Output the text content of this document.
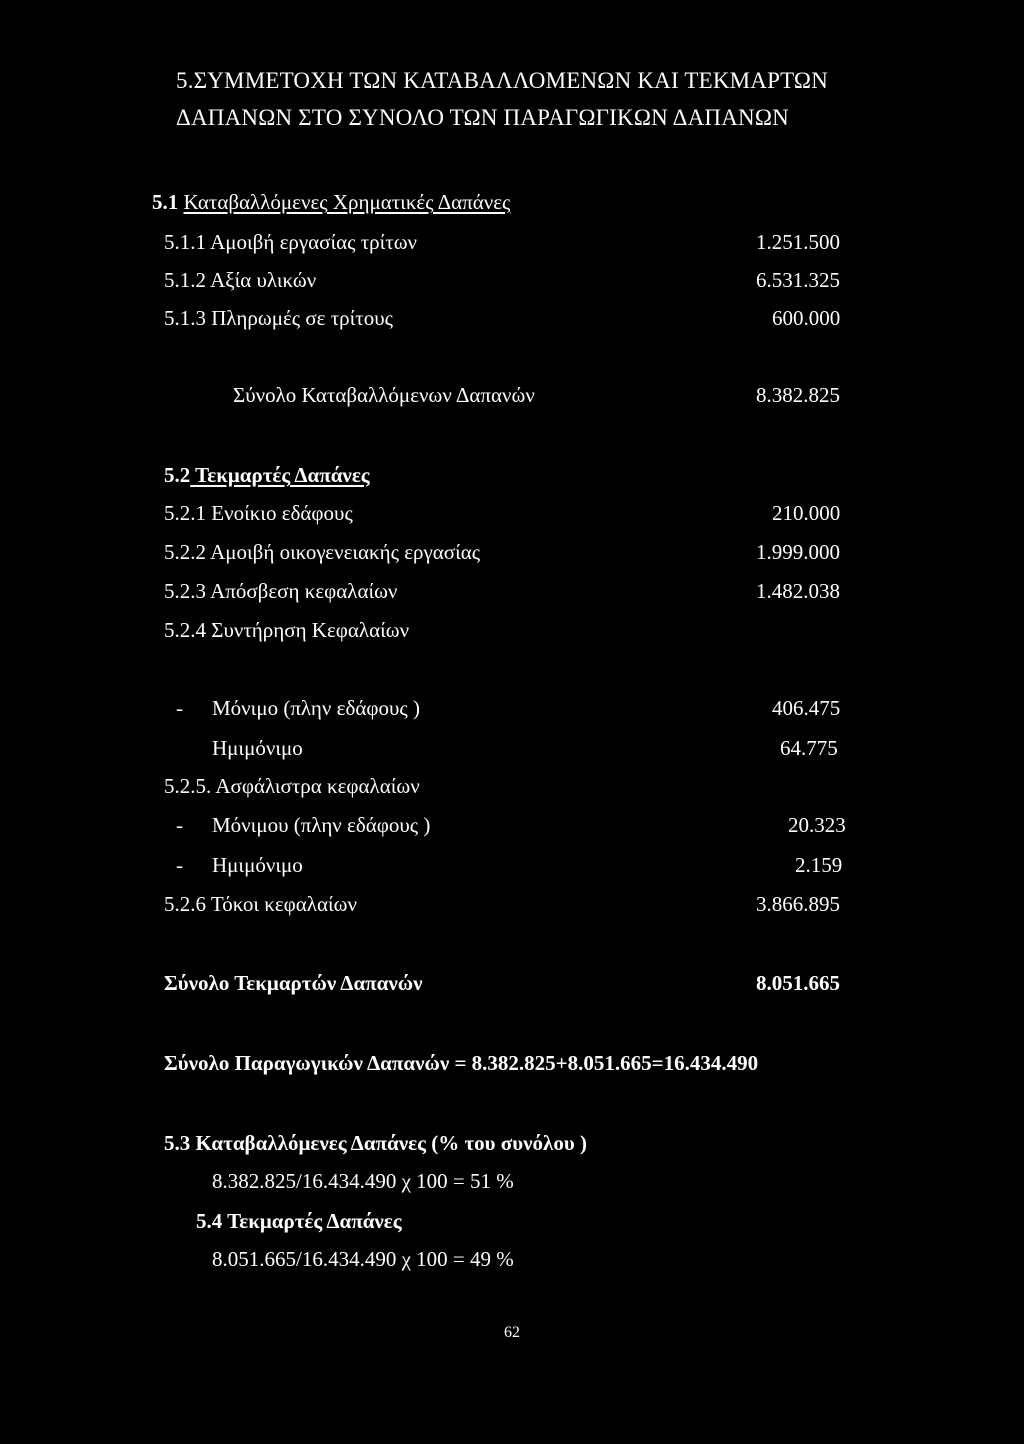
5.ΣΥΜΜΕΤΟΧΗ ΤΩΝ ΚΑΤΑΒΑΛΛΟΜΕΝΩΝ ΚΑΙ ΤΕΚΜΑΡΤΩΝ
ΔΑΠΑΝΩΝ ΣΤΟ ΣΥΝΟΛΟ ΤΩΝ ΠΑΡΑΓΩΓΙΚΩΝ ΔΑΠΑΝΩΝ
5.1 Καταβαλλόμενες Χρηματικές Δαπάνες
5.1.1 Αμοιβή εργασίας τρίτων	1.251.500
5.1.2 Αξία υλικών	6.531.325
5.1.3 Πληρωμές σε τρίτους	600.000
Σύνολο Καταβαλλόμενων Δαπανών	8.382.825
5.2 Τεκμαρτές Δαπάνες
5.2.1 Ενοίκιο εδάφους	210.000
5.2.2 Αμοιβή οικογενειακής εργασίας	1.999.000
5.2.3 Απόσβεση κεφαλαίων	1.482.038
5.2.4 Συντήρηση Κεφαλαίων
- Μόνιμο (πλην εδάφους )	406.475
Ημιμόνιμο	64.775
5.2.5. Ασφάλιστρα κεφαλαίων
- Μόνιμου (πλην εδάφους )	20.323
- Ημιμόνιμο	2.159
5.2.6 Τόκοι κεφαλαίων	3.866.895
Σύνολο Τεκμαρτών Δαπανών	8.051.665
Σύνολο Παραγωγικών Δαπανών = 8.382.825+8.051.665=16.434.490
5.3 Καταβαλλόμενες Δαπάνες (% του συνόλου )
8.382.825/16.434.490 χ 100 = 51 %
5.4 Τεκμαρτές Δαπάνες
8.051.665/16.434.490 χ 100 = 49 %
62
